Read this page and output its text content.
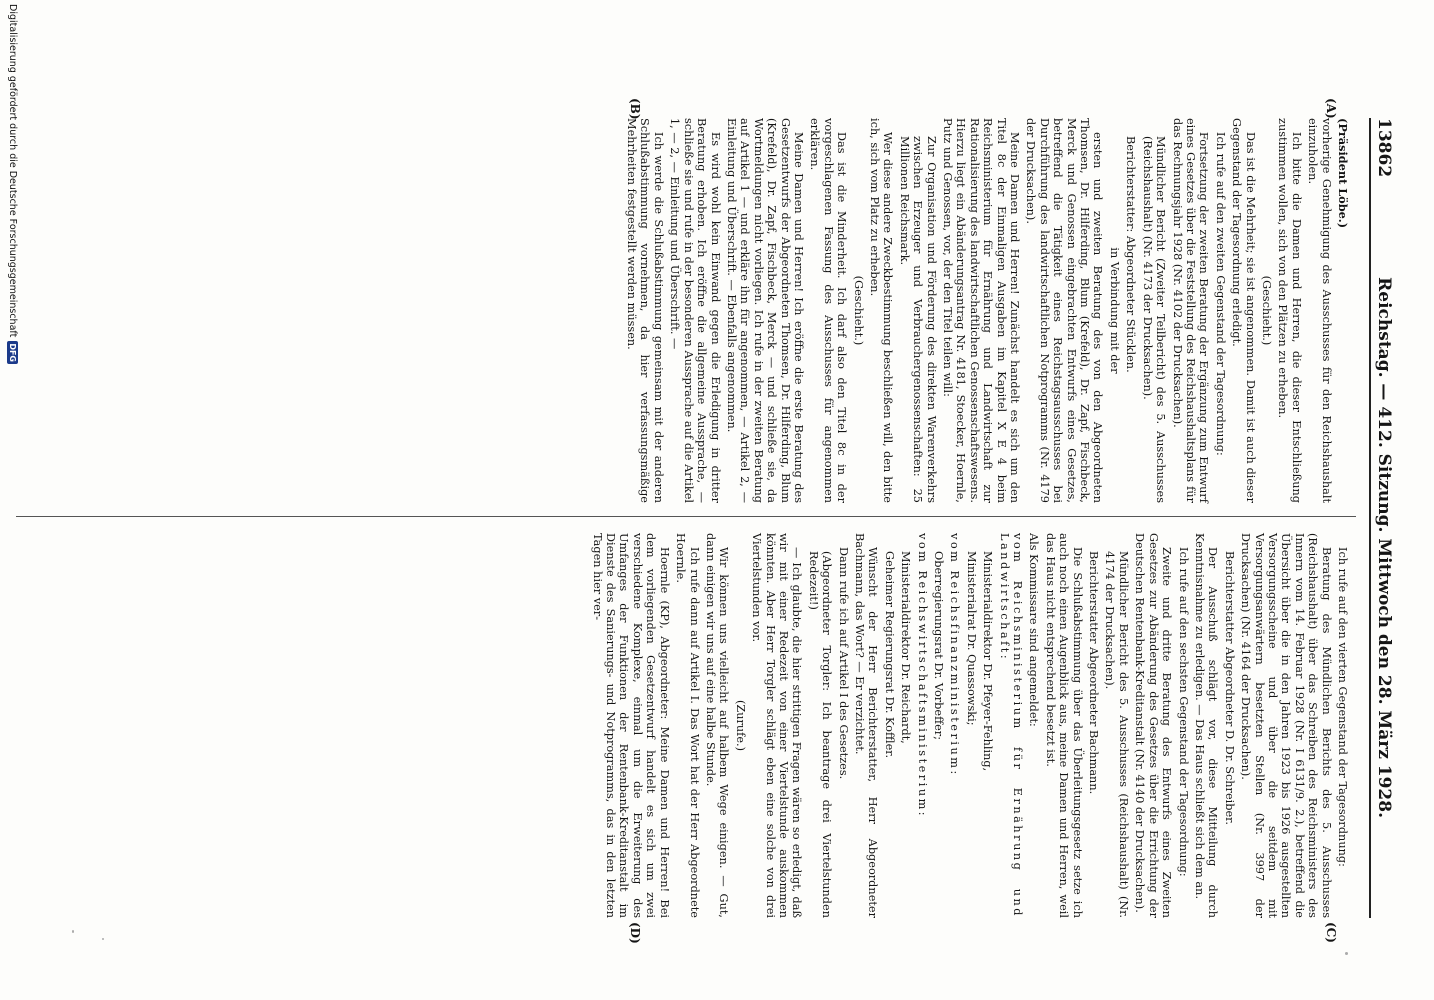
13862
Reichstag. — 412. Sitzung. Mittwoch den 28. März 1928.
(A)
(B)
(C)
(D)

(Präsident Löbe.)

vorherige Genehmigung des Ausschusses für den Reichshaushalt einzuholen.

Ich bitte die Damen und Herren, die dieser Entschließung zustimmen wollen, sich von den Plätzen zu erheben.

(Geschieht.)

Das ist die Mehrheit; sie ist angenommen. Damit ist auch dieser Gegenstand der Tagesordnung erledigt.

Ich rufe auf den zweiten Gegenstand der Tagesordnung:

Fortsetzung der zweiten Beratung der Ergänzung zum Entwurf eines Gesetzes über die Feststellung des Reichshaushaltsplans für das Rechnungsjahr 1928 (Nr. 4102 der Drucksachen).

Mündlicher Bericht (Zweiter Teilbericht) des 5. Ausschusses (Reichshaushalt) (Nr. 4173 der Drucksachen).

Berichterstatter: Abgeordneter Stücklen.

in Verbindung mit der

ersten und zweiten Beratung des von den Abgeordneten Thomsen, Dr. Hilferding, Blum (Krefeld), Dr. Zapf, Fischbeck, Merck und Genossen eingebrachten Entwurfs eines Gesetzes, betreffend die Tätigkeit eines Reichstagsausschusses bei Durchführung des landwirtschaftlichen Notprogramms (Nr. 4179 der Drucksachen).

Meine Damen und Herren! Zunächst handelt es sich um den Titel 8c der Einmaligen Ausgaben im Kapitel X E 4 beim Reichsministerium für Ernährung und Landwirtschaft zur Rationalisierung des landwirtschaftlichen Genossenschaftswesens. Hierzu liegt ein Abänderungsantrag Nr. 4181, Stoecker, Hoernle, Putz und Genossen, vor, der den Titel teilen will:

Zur Organisation und Förderung des direkten Warenverkehrs zwischen Erzeuger und Verbrauchergenossenschaften: 25 Millionen Reichsmark.

Wer diese andere Zweckbestimmung beschließen will, den bitte ich, sich vom Platz zu erheben.

(Geschieht.)

Das ist die Minderheit. Ich darf also den Titel 8c in der vorgeschlagenen Fassung des Ausschusses für angenommen erklären.

Meine Damen und Herren! Ich eröffne die erste Beratung des Gesetzentwurfs der Abgeordneten Thomsen, Dr. Hilferding, Blum (Krefeld), Dr. Zapf, Fischbeck, Merck — und schließe sie, da Wortmeldungen nicht vorliegen. Ich rufe in der zweiten Beratung auf Artikel 1 — und erkläre ihn für angenommen, — Artikel 2, — Einleitung und Überschrift. — Ebenfalls angenommen.

Es wird wohl kein Einwand gegen die Erledigung in dritter Beratung erhoben. Ich eröffne die allgemeine Aussprache, — schließe sie und rufe in der besonderen Aussprache auf die Artikel 1, — 2, — Einleitung und Überschrift. —

Ich werde die Schlußabstimmung gemeinsam mit der anderen Schlußabstimmung vornehmen, da hier verfassungsmäßige Mehrheiten festgestellt werden müssen.

Ich rufe auf den vierten Gegenstand der Tagesordnung:

Beratung des Mündlichen Berichts des 5. Ausschusses (Reichshaushalt) über das Schreiben des Reichsministers des Innern vom 14. Februar 1928 (Nr. I 6131/9. 2.), betreffend die Übersicht über die in den Jahren 1923 bis 1926 ausgestellten Versorgungsscheine und über die seitdem mit Versorgungsanwärtern besetzten Stellen (Nr. 3997 der Drucksachen) (Nr. 4164 der Drucksachen).

Berichterstatter Abgeordneter D. Dr. Schreiber.

Der Ausschuß schlägt vor, diese Mitteilung durch Kenntnisnahme zu erledigen. — Das Haus schließt sich dem an.

Ich rufe auf den sechsten Gegenstand der Tagesordnung:

Zweite und dritte Beratung des Entwurfs eines Zweiten Gesetzes zur Abänderung des Gesetzes über die Errichtung der Deutschen Rentenbank-Kreditanstalt (Nr. 4140 der Drucksachen).

Mündlicher Bericht des 5. Ausschusses (Reichshaushalt) (Nr. 4174 der Drucksachen).

Berichterstatter Abgeordneter Bachmann.

Die Schlußabstimmung über das Überleitungsgesetz setze ich auch noch einen Augenblick aus, meine Damen und Herren, weil das Haus nicht entsprechend besetzt ist.

Als Kommissare sind angemeldet:

vom Reichsministerium für Ernährung und Landwirtschaft:

Ministerialdirektor Dr. Pfeyer-Fehling,

Ministerialrat Dr. Quassowski;

vom Reichsfinanzministerium:

Oberregierungsrat Dr. Vorbeffer;

vom Reichswirtschaftsministerium:

Ministerialdirektor Dr. Reichardt,

Geheimer Regierungsrat Dr. Koffler.

Wünscht der Herr Berichterstatter, Herr Abgeordneter Bachmann, das Wort? — Er verzichtet.

Dann rufe ich auf Artikel I des Gesetzes.

(Abgeordneter Torgler: Ich beantrage drei Viertelstunden Redezeit!)

— Ich glaubte, die hier strittigen Fragen wären so erledigt, daß wir mit einer Redezeit von einer Viertelstunde auskommen könnten. Aber Herr Torgler schlägt eben eine solche von drei Viertelstunden vor.

(Zurufe.)

Wir können uns vielleicht auf halbem Wege einigen. — Gut, dann einigen wir uns auf eine halbe Stunde.

Ich rufe dann auf Artikel I. Das Wort hat der Herr Abgeordnete Hoernle.

Hoernle (KP), Abgeordneter: Meine Damen und Herren! Bei dem vorliegenden Gesetzentwurf handelt es sich um zwei verschiedene Komplexe, einmal um die Erweiterung des Umfanges der Funktionen der Rentenbank-Kreditanstalt im Dienste des Sanierungs- und Notprogramms, das in den letzten Tagen hier ver-

Digitalisierung gefördert durch die Deutsche Forschungsgemeinschaft
DFG
